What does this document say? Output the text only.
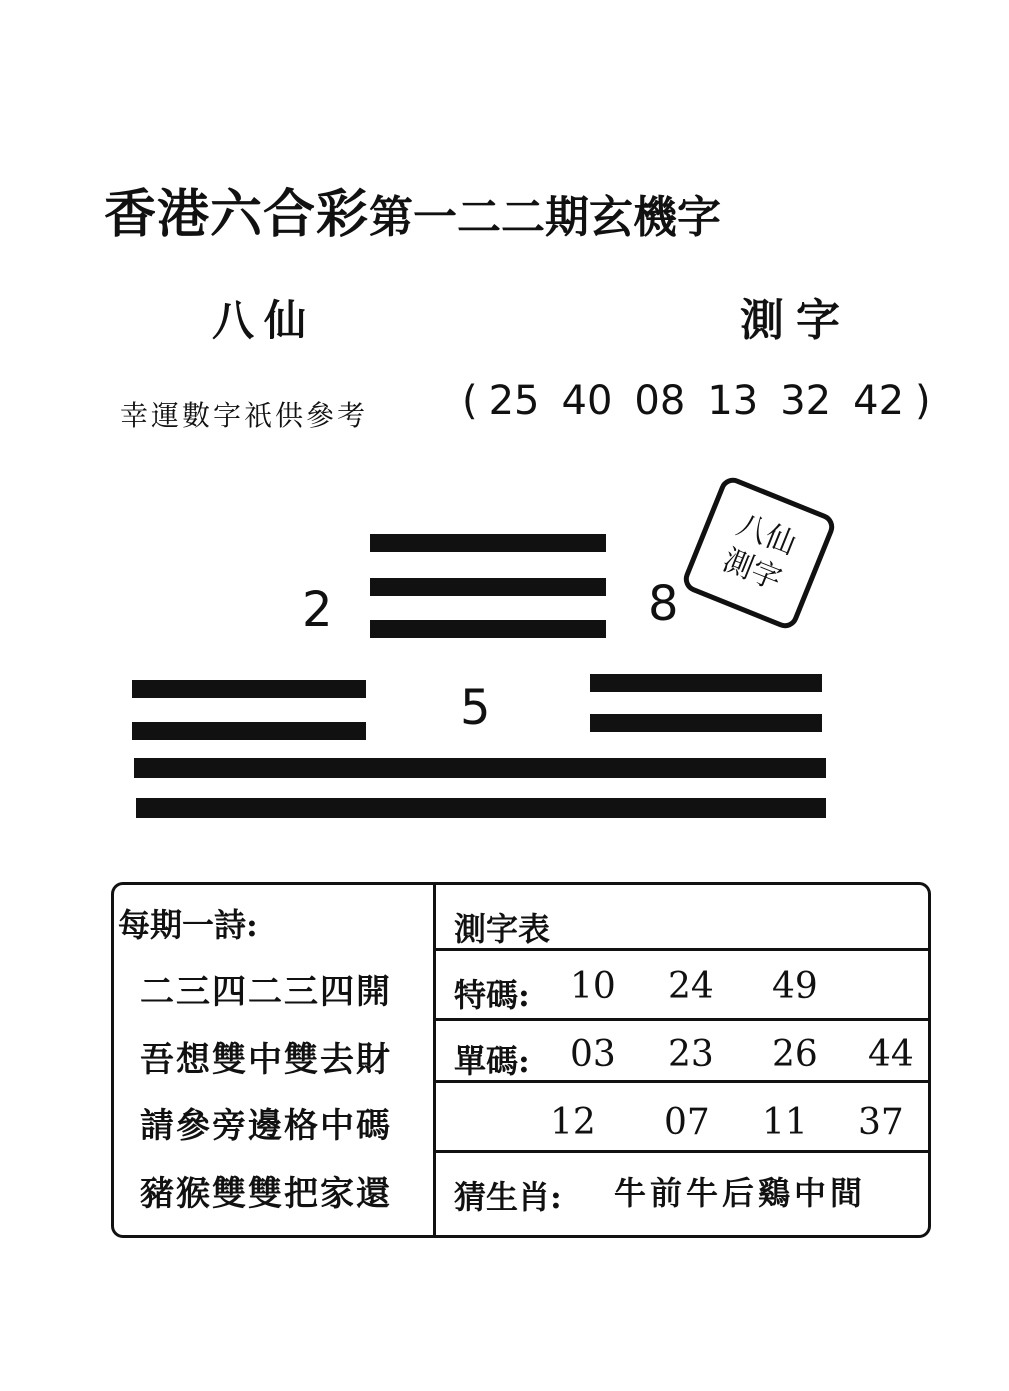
香港六合彩 第一二二期玄機字
八仙	測字
幸運數字祇供參考 ( 25 40 08 13 32 42 )
2	8
5
八仙
測字
每期一詩:
二三四二三四開
吾想雙中雙去財
請參旁邊格中碼
豬猴雙雙把家還
測字表
特碼: 10 24 49
單碼: 03 23 26 44
12 07 11 37
猜生肖: 牛前牛后鷄中間
